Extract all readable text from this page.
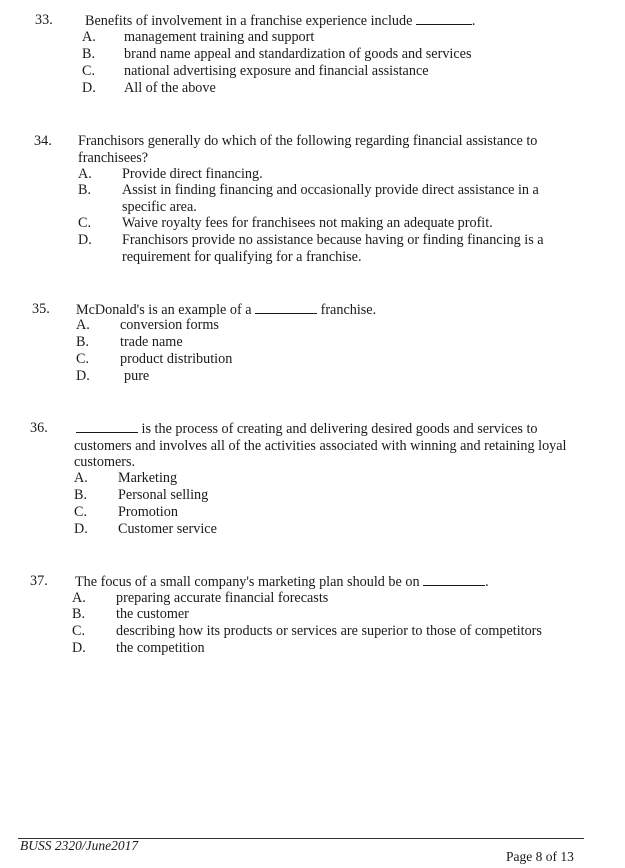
33. Benefits of involvement in a franchise experience include	.
A. management training and support
B. brand name appeal and standardization of goods and services
C. national advertising exposure and financial assistance
D. All of the above
34. Franchisors generally do which of the following regarding financial assistance to franchisees?
A. Provide direct financing.
B. Assist in finding financing and occasionally provide direct assistance in a specific area.
C. Waive royalty fees for franchisees not making an adequate profit.
D. Franchisors provide no assistance because having or finding financing is a requirement for qualifying for a franchise.
35. McDonald's is an example of a	franchise.
A. conversion forms
B. trade name
C. product distribution
D. pure
36.	is the process of creating and delivering desired goods and services to customers and involves all of the activities associated with winning and retaining loyal customers.
A. Marketing
B. Personal selling
C. Promotion
D. Customer service
37. The focus of a small company's marketing plan should be on	.
A. preparing accurate financial forecasts
B. the customer
C. describing how its products or services are superior to those of competitors
D. the competition
BUSS 2320/June2017
Page 8 of 13
